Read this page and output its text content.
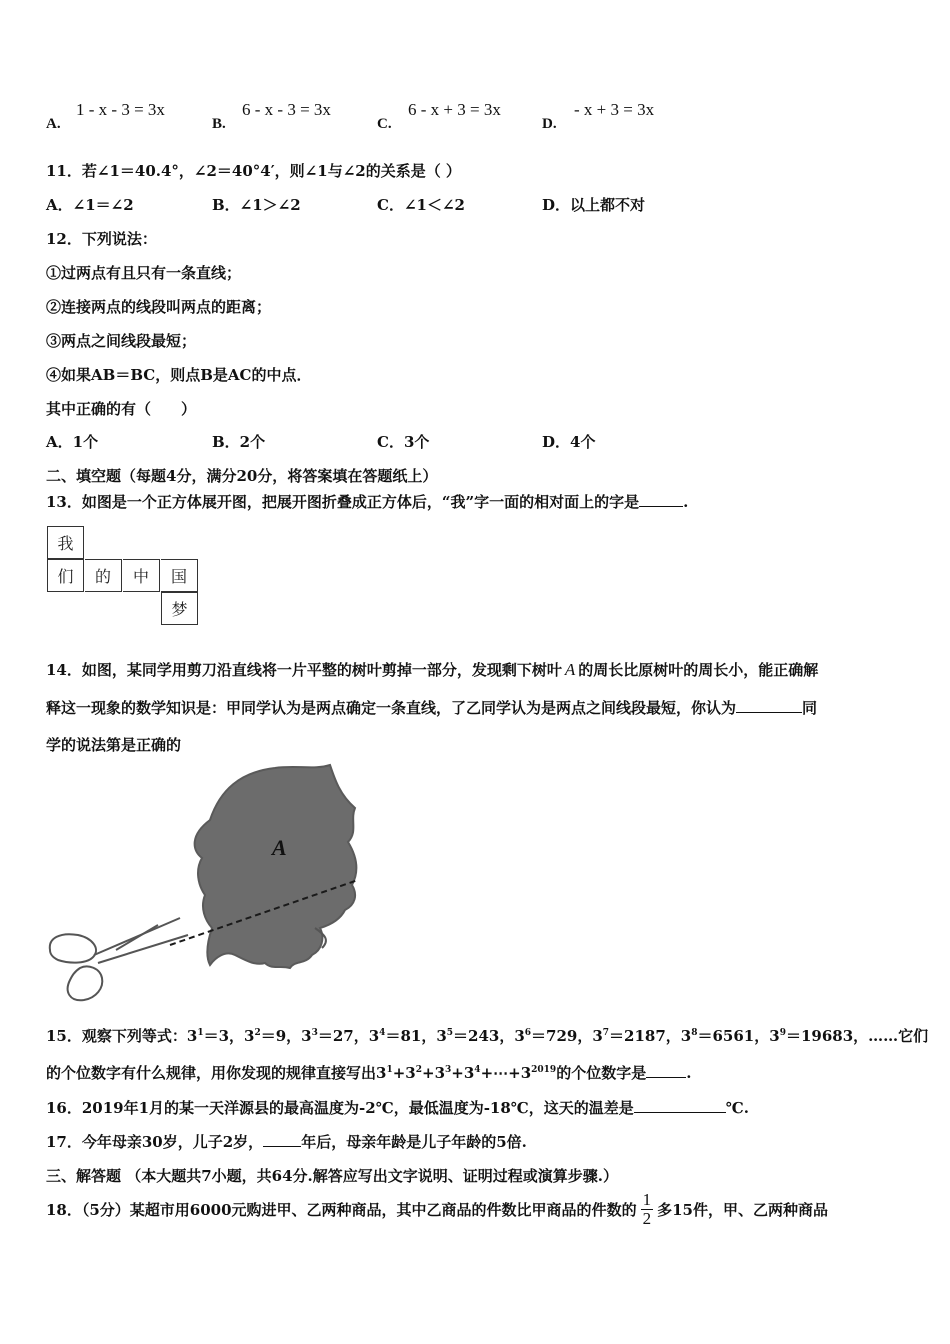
A.
1 - x - 3 = 3x
B.
6 - x - 3 = 3x
C.
6 - x + 3 = 3x
D.
- x + 3 = 3x
11．若∠1＝40.4°，∠2＝40°4′，则∠1与∠2的关系是（ ）
A．∠1＝∠2	B．∠1＞∠2	C．∠1＜∠2	D．以上都不对
12．下列说法：
①过两点有且只有一条直线；
②连接两点的线段叫两点的距离；
③两点之间线段最短；
④如果AB＝BC，则点B是AC的中点．
其中正确的有（　　）
A．1个	B．2个	C．3个	D．4个
二、填空题（每题4分，满分20分，将答案填在答题纸上）
13．如图是一个正方体展开图，把展开图折叠成正方体后，“我”字一面的相对面上的字是	.
我
们	的	中	国
梦
14．如图，某同学用剪刀沿直线将一片平整的树叶剪掉一部分，发现剩下树叶 A 的周长比原树叶的周长小，能正确解
释这一现象的数学知识是：甲同学认为是两点确定一条直线，了乙同学认为是两点之间线段最短，你认为	同
学的说法第是正确的
A
15．观察下列等式：$3^1=3$，$3^2=9$，$3^3=27$，$3^4=81$，$3^5=243$，$3^6=729$，$3^7=2187$，$3^8=6561$，$3^9=19683$，……它们
的个位数字有什么规律，用你发现的规律直接写出$3^1+3^2+3^3+3^4+\cdots+3^{2019}$的个位数字是	.
16．2019年1月的某一天洋源县的最高温度为-2℃，最低温度为-18℃，这天的温差是	℃.
17．今年母亲30岁，儿子2岁，	年后，母亲年龄是儿子年龄的5倍.
三、解答题 （本大题共7小题，共64分.解答应写出文字说明、证明过程或演算步骤.）
18．（5分）某超市用6000元购进甲、乙两种商品，其中乙商品的件数比甲商品的件数的 $\frac{1}{2}$ 多15件，甲、乙两种商品
